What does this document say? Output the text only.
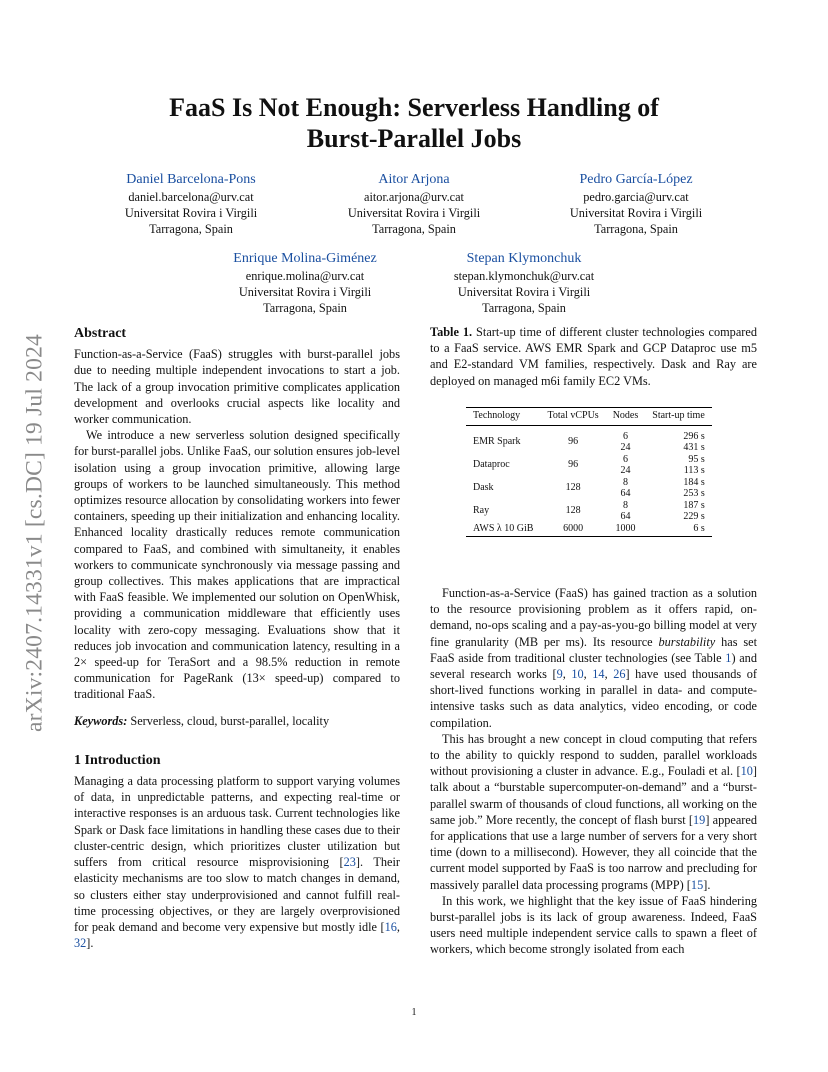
arXiv:2407.14331v1 [cs.DC] 19 Jul 2024
FaaS Is Not Enough: Serverless Handling of
Burst-Parallel Jobs
Daniel Barcelona-Pons
daniel.barcelona@urv.cat
Universitat Rovira i Virgili
Tarragona, Spain
Aitor Arjona
aitor.arjona@urv.cat
Universitat Rovira i Virgili
Tarragona, Spain
Pedro García-López
pedro.garcia@urv.cat
Universitat Rovira i Virgili
Tarragona, Spain
Enrique Molina-Giménez
enrique.molina@urv.cat
Universitat Rovira i Virgili
Tarragona, Spain
Stepan Klymonchuk
stepan.klymonchuk@urv.cat
Universitat Rovira i Virgili
Tarragona, Spain
Abstract

Function-as-a-Service (FaaS) struggles with burst-parallel jobs due to needing multiple independent invocations to start a job. The lack of a group invocation primitive complicates application development and overlooks crucial aspects like locality and worker communication.

We introduce a new serverless solution designed specifically for burst-parallel jobs. Unlike FaaS, our solution ensures job-level isolation using a group invocation primitive, allowing large groups of workers to be launched simultaneously. This method optimizes resource allocation by consolidating workers into fewer containers, speeding up their initialization and enhancing locality. Enhanced locality drastically reduces remote communication compared to FaaS, and combined with simultaneity, it enables workers to communicate synchronously via message passing and group collectives. This makes applications that are impractical with FaaS feasible. We implemented our solution on OpenWhisk, providing a communication middleware that efficiently uses locality with zero-copy messaging. Evaluations show that it reduces job invocation and communication latency, resulting in a 2× speed-up for TeraSort and a 98.5% reduction in remote communication for PageRank (13× speed-up) compared to traditional FaaS.

Keywords: Serverless, cloud, burst-parallel, locality

1 Introduction

Managing a data processing platform to support varying volumes of data, in unpredictable patterns, and expecting real-time or interactive responses is an arduous task. Current technologies like Spark or Dask face limitations in handling these cases due to their cluster-centric design, which prioritizes cluster utilization but suffers from critical resource misprovisioning [23]. Their elasticity mechanisms are too slow to match changes in demand, so clusters either stay underprovisioned and cannot fulfill real-time processing objectives, or they are largely overprovisioned for peak demand and become very expensive but mostly idle [16, 32].

Table 1. Start-up time of different cluster technologies compared to a FaaS service. AWS EMR Spark and GCP Dataproc use m5 and E2-standard VM families, respectively. Dask and Ray are deployed on managed m6i family EC2 VMs.
Technology	Total vCPUs	Nodes	Start-up time
EMR Spark	96	6	296 s
		24	431 s
Dataproc	96	6	95 s
		24	113 s
Dask	128	8	184 s
		64	253 s
Ray	128	8	187 s
		64	229 s
AWS λ 10 GiB	6000	1000	6 s

Function-as-a-Service (FaaS) has gained traction as a solution to the resource provisioning problem as it offers rapid, on-demand, no-ops scaling and a pay-as-you-go billing model at very fine granularity (MB per ms). Its resource burstability has set FaaS aside from traditional cluster technologies (see Table 1) and several research works [9, 10, 14, 26] have used thousands of short-lived functions working in parallel in data- and compute-intensive tasks such as data analytics, video encoding, or code compilation.

This has brought a new concept in cloud computing that refers to the ability to quickly respond to sudden, parallel workloads without provisioning a cluster in advance. E.g., Fouladi et al. [10] talk about a “burstable supercomputer-on-demand” and a “burst-parallel swarm of thousands of cloud functions, all working on the same job.” More recently, the concept of flash burst [19] appeared for applications that use a large number of servers for a very short time (down to a millisecond). However, they all coincide that the current model supported by FaaS is too narrow and precluding for massively parallel data processing programs (MPP) [15].

In this work, we highlight that the key issue of FaaS hindering burst-parallel jobs is its lack of group awareness. Indeed, FaaS users need multiple independent service calls to spawn a fleet of workers, which become strongly isolated from each

1
